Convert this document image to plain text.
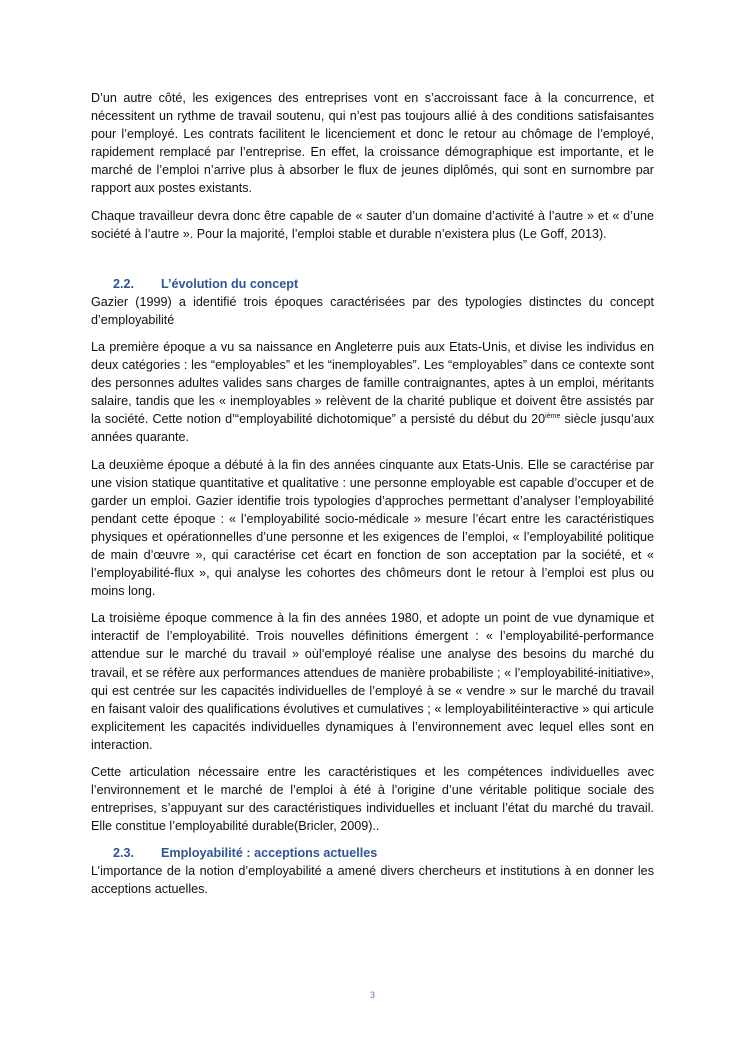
D’un autre côté, les exigences des entreprises vont en s’accroissant face à la concurrence, et nécessitent un rythme de travail soutenu, qui n’est pas toujours allié à des conditions satisfaisantes pour l’employé. Les contrats facilitent le licenciement et donc le retour au chômage de l’employé, rapidement remplacé par l’entreprise. En effet, la croissance démographique est importante, et le marché de l’emploi n’arrive plus à absorber le flux de jeunes diplômés, qui sont en surnombre par rapport aux postes existants.

Chaque travailleur devra donc être capable de « sauter d’un domaine d’activité à l’autre » et « d’une société à l’autre ». Pour la majorité, l’emploi stable et durable n’existera plus (Le Goff, 2013).

2.2. L’évolution du concept

Gazier (1999) a identifié trois époques caractérisées par des typologies distinctes du concept d’employabilité

La première époque a vu sa naissance en Angleterre puis aux Etats-Unis, et divise les individus en deux catégories : les “employables” et les “inemployables”. Les “employables” dans ce contexte sont des personnes adultes valides sans charges de famille contraignantes, aptes à un emploi, méritants salaire, tandis que les « inemployables » relèvent de la charité publique et doivent être assistés par la société. Cette notion d’“employabilité dichotomique” a persisté du début du 20ième siècle jusqu’aux années quarante.

La deuxième époque a débuté à la fin des années cinquante aux Etats-Unis. Elle se caractérise par une vision statique quantitative et qualitative : une personne employable est capable d’occuper et de garder un emploi. Gazier identifie trois typologies d’approches permettant d’analyser l’employabilité pendant cette époque : « l’employabilité socio-médicale » mesure l’écart entre les caractéristiques physiques et opérationnelles d’une personne et les exigences de l’emploi, « l’employabilité politique de main d’œuvre », qui caractérise cet écart en fonction de son acceptation par la société, et « l’employabilité-flux », qui analyse les cohortes des chômeurs dont le retour à l’emploi est plus ou moins long.

La troisième époque commence à la fin des années 1980, et adopte un point de vue dynamique et interactif de l’employabilité. Trois nouvelles définitions émergent : « l’employabilité-performance attendue sur le marché du travail » oùl’employé réalise une analyse des besoins du marché du travail, et se réfère aux performances attendues de manière probabiliste ; « l’employabilité-initiative», qui est centrée sur les capacités individuelles de l’employé à se « vendre » sur le marché du travail en faisant valoir des qualifications évolutives et cumulatives ; « lemployabilitéinteractive » qui articule explicitement les capacités individuelles dynamiques à l’environnement avec lequel elles sont en interaction.

Cette articulation nécessaire entre les caractéristiques et les compétences individuelles avec l’environnement et le marché de l’emploi à été à l’origine d’une véritable politique sociale des entreprises, s’appuyant sur des caractéristiques individuelles et incluant l’état du marché du travail. Elle constitue l’employabilité durable(Bricler, 2009)..

2.3. Employabilité : acceptions actuelles

L’importance de la notion d’employabilité a amené divers chercheurs et institutions à en donner les acceptions actuelles.

3
